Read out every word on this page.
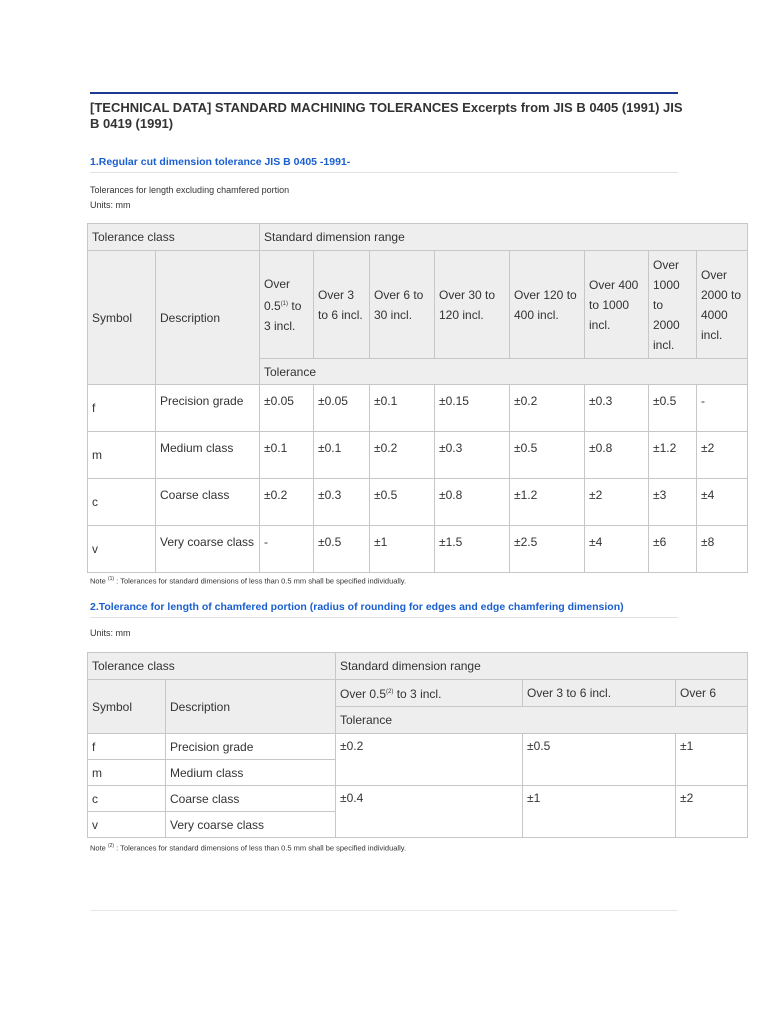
[TECHNICAL DATA] STANDARD MACHINING TOLERANCES Excerpts from JIS B 0405 (1991) JIS B 0419 (1991)
1.Regular cut dimension tolerance JIS B 0405 -1991-
Tolerances for length excluding chamfered portion
Units: mm
Tolerance class		Standard dimension range							
Symbol	Description	Over 0.5$^{(1)}$ to 3 incl.	Over 3 to 6 incl.	Over 6 to 30 incl.	Over 30 to 120 incl.	Over 120 to 400 incl.	Over 400 to 1000 incl.	Over 1000 to 2000 incl.	Over 2000 to 4000 incl.
		Tolerance							
f	Precision grade	±0.05	±0.05	±0.1	±0.15	±0.2	±0.3	±0.5	-
m	Medium class	±0.1	±0.1	±0.2	±0.3	±0.5	±0.8	±1.2	±2
c	Coarse class	±0.2	±0.3	±0.5	±0.8	±1.2	±2	±3	±4
v	Very coarse class	-	±0.5	±1	±1.5	±2.5	±4	±6	±8
Note $^{(1)}$ : Tolerances for standard dimensions of less than 0.5 mm shall be specified individually.
2.Tolerance for length of chamfered portion (radius of rounding for edges and edge chamfering dimension)
Units: mm
Tolerance class		Standard dimension range		
Symbol	Description	Over 0.5$^{(2)}$ to 3 incl.	Over 3 to 6 incl.	Over 6
		Tolerance		
f	Precision grade	±0.2	±0.5	±1
m	Medium class			
c	Coarse class	±0.4	±1	±2
v	Very coarse class			
Note $^{(2)}$ : Tolerances for standard dimensions of less than 0.5 mm shall be specified individually.
